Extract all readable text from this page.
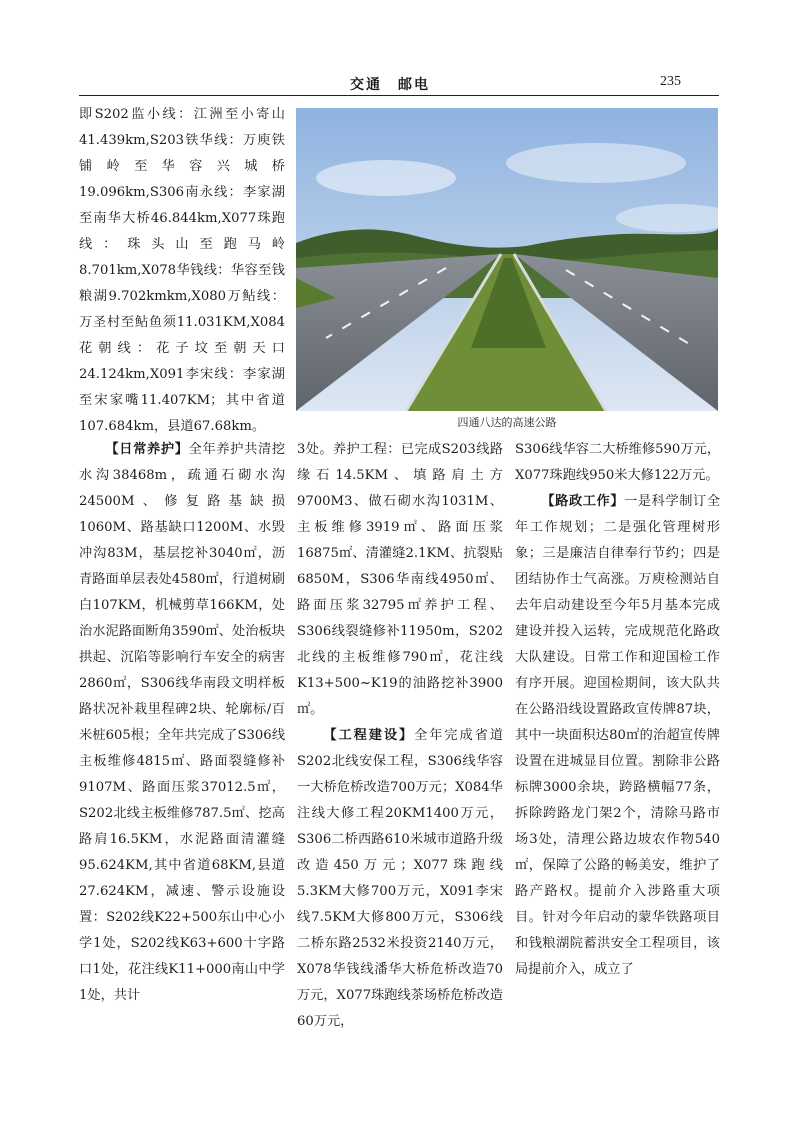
交通　邮电	235

即S202监小线：江洲至小寄山41.439km,S203铁华线：万庾铁铺岭至华容兴城桥19.096km,S306南永线：李家湖至南华大桥46.844km,X077珠跑线：珠头山至跑马岭8.701km,X078华钱线：华容至钱粮湖9.702kmkm,X080万鲇线：万圣村至鲇鱼须11.031KM,X084花朝线：花子坟至朝天口24.124km,X091李宋线：李家湖至宋家嘴11.407KM；其中省道107.684km，县道67.68km。	四通八达的高速公路

【日常养护】全年养护共清挖水沟38468m，疏通石砌水沟24500M、修复路基缺损1060M、路基缺口1200M、水毁冲沟83M，基层挖补3040㎡，沥青路面单层表处4580㎡，行道树刷白107KM，机械剪草166KM，处治水泥路面断角3590㎡、处治板块拱起、沉陷等影响行车安全的病害2860㎡，S306线华南段文明样板路状况补栽里程碑2块、轮廓标/百米桩605根；全年共完成了S306线主板维修4815㎡、路面裂缝修补9107M、路面压浆37012.5㎡，S202北线主板维修787.5㎡、挖高路肩16.5KM，水泥路面清灌缝95.624KM,其中省道68KM,县道27.624KM，减速、警示设施设置：S202线K22+500东山中心小学1处，S202线K63+600十字路口1处，花注线K11+000南山中学1处，共计

3处。养护工程：已完成S203线路缘石14.5KM、填路肩土方9700M3、做石砌水沟1031M、主板维修3919㎡、路面压浆16875㎡、清灌缝2.1KM、抗裂贴6850M，S306华南线4950㎡、路面压浆32795㎡养护工程、S306线裂缝修补11950m，S202北线的主板维修790㎡，花注线K13+500~K19的油路挖补3900㎡。

【工程建设】全年完成省道S202北线安保工程，S306线华容一大桥危桥改造700万元；X084华注线大修工程20KM1400万元，S306二桥西路610米城市道路升级改造450万元；X077珠跑线5.3KM大修700万元，X091李宋线7.5KM大修800万元，S306线二桥东路2532米投资2140万元，X078华钱线潘华大桥危桥改造70万元，X077珠跑线茶场桥危桥改造60万元，

S306线华容二大桥维修590万元，X077珠跑线950米大修122万元。

【路政工作】一是科学制订全年工作规划；二是强化管理树形象；三是廉洁自律奉行节约；四是团结协作士气高涨。万庾检测站自去年启动建设至今年5月基本完成建设并投入运转，完成规范化路政大队建设。日常工作和迎国检工作有序开展。迎国检期间，该大队共在公路沿线设置路政宣传牌87块，其中一块面积达80㎡的治超宣传牌设置在进城显目位置。割除非公路标牌3000余块，跨路横幅77条，拆除跨路龙门架2个，清除马路市场3处，清理公路边坡农作物540㎡，保障了公路的畅美安，维护了路产路权。提前介入涉路重大项目。针对今年启动的蒙华铁路项目和钱粮湖院蓄洪安全工程项目，该局提前介入，成立了
